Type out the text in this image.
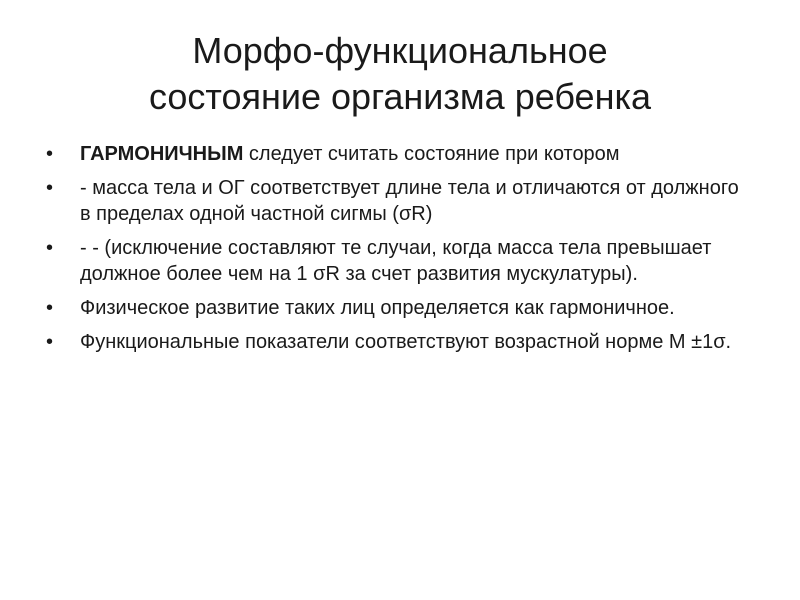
Морфо-функциональное
состояние организма ребенка
• ГАРМОНИЧНЫМ следует считать состояние при котором
• - масса тела и ОГ соответствует длине тела и отличаются от должного в пределах одной частной сигмы (σR)
• - - (исключение составляют те случаи, когда масса тела превышает должное более чем на 1 σR за счет развития мускулатуры).
• Физическое развитие таких лиц определяется как гармоничное.
• Функциональные показатели соответствуют возрастной норме М ±1σ.
